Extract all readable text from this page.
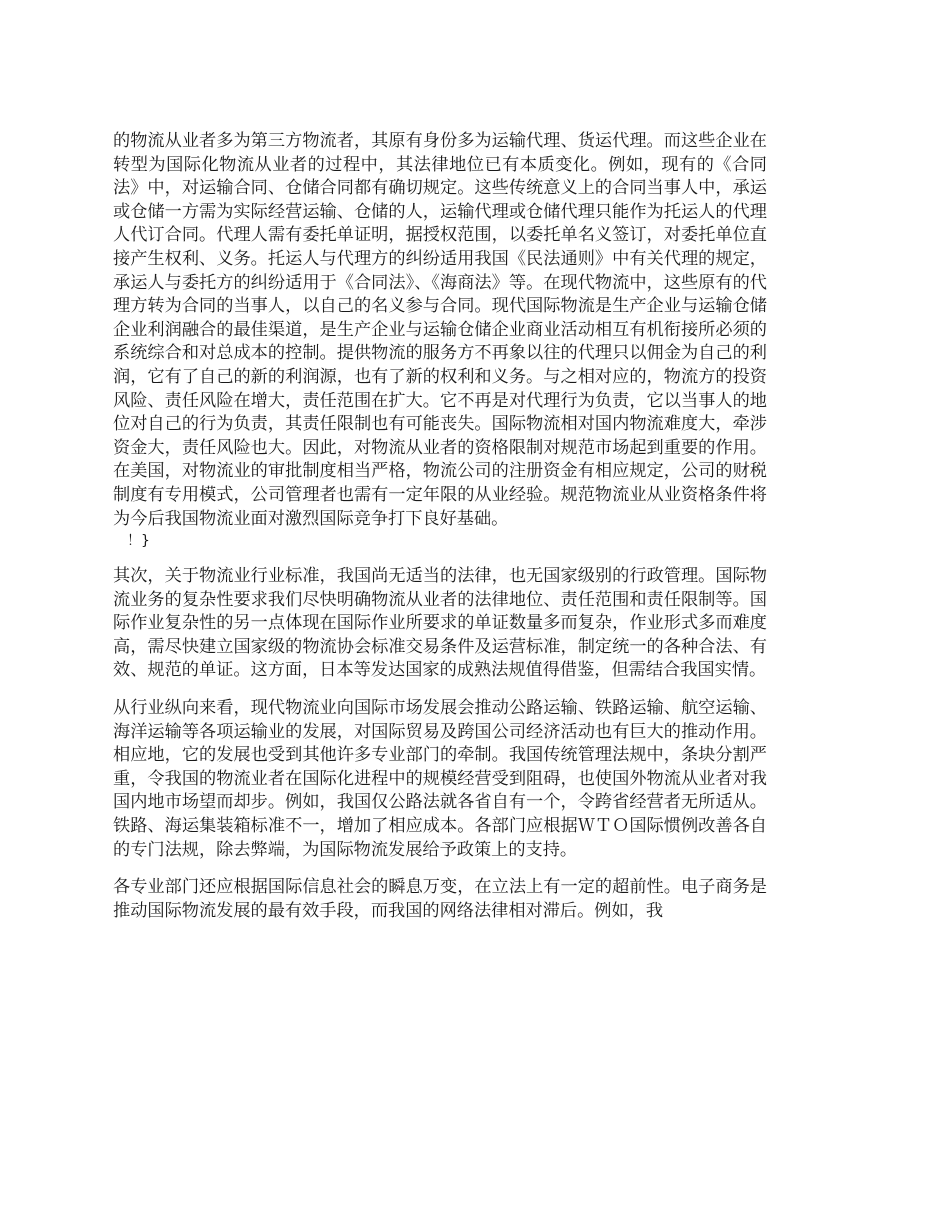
的物流从业者多为第三方物流者，其原有身份多为运输代理、货运代理。而这些企业在转型为国际化物流从业者的过程中，其法律地位已有本质变化。例如，现有的《合同法》中，对运输合同、仓储合同都有确切规定。这些传统意义上的合同当事人中，承运或仓储一方需为实际经营运输、仓储的人，运输代理或仓储代理只能作为托运人的代理人代订合同。代理人需有委托单证明，据授权范围，以委托单名义签订，对委托单位直接产生权利、义务。托运人与代理方的纠纷适用我国《民法通则》中有关代理的规定，承运人与委托方的纠纷适用于《合同法》、《海商法》等。在现代物流中，这些原有的代理方转为合同的当事人，以自己的名义参与合同。现代国际物流是生产企业与运输仓储企业利润融合的最佳渠道，是生产企业与运输仓储企业商业活动相互有机衔接所必须的系统综合和对总成本的控制。提供物流的服务方不再象以往的代理只以佣金为自己的利润，它有了自己的新的利润源，也有了新的权利和义务。与之相对应的，物流方的投资风险、责任风险在增大，责任范围在扩大。它不再是对代理行为负责，它以当事人的地位对自己的行为负责，其责任限制也有可能丧失。国际物流相对国内物流难度大，牵涉资金大，责任风险也大。因此，对物流从业者的资格限制对规范市场起到重要的作用。在美国，对物流业的审批制度相当严格，物流公司的注册资金有相应规定，公司的财税制度有专用模式，公司管理者也需有一定年限的从业经验。规范物流业从业资格条件将为今后我国物流业面对激烈国际竞争打下良好基础。

！}

其次，关于物流业行业标准，我国尚无适当的法律，也无国家级别的行政管理。国际物流业务的复杂性要求我们尽快明确物流从业者的法律地位、责任范围和责任限制等。国际作业复杂性的另一点体现在国际作业所要求的单证数量多而复杂，作业形式多而难度高，需尽快建立国家级的物流协会标准交易条件及运营标准，制定统一的各种合法、有效、规范的单证。这方面，日本等发达国家的成熟法规值得借鉴，但需结合我国实情。

从行业纵向来看，现代物流业向国际市场发展会推动公路运输、铁路运输、航空运输、海洋运输等各项运输业的发展，对国际贸易及跨国公司经济活动也有巨大的推动作用。相应地，它的发展也受到其他许多专业部门的牵制。我国传统管理法规中，条块分割严重，令我国的物流业者在国际化进程中的规模经营受到阻碍，也使国外物流从业者对我国内地市场望而却步。例如，我国仅公路法就各省自有一个，令跨省经营者无所适从。铁路、海运集装箱标准不一，增加了相应成本。各部门应根据ＷＴＯ国际惯例改善各自的专门法规，除去弊端，为国际物流发展给予政策上的支持。

各专业部门还应根据国际信息社会的瞬息万变，在立法上有一定的超前性。电子商务是推动国际物流发展的最有效手段，而我国的网络法律相对滞后。例如，我
